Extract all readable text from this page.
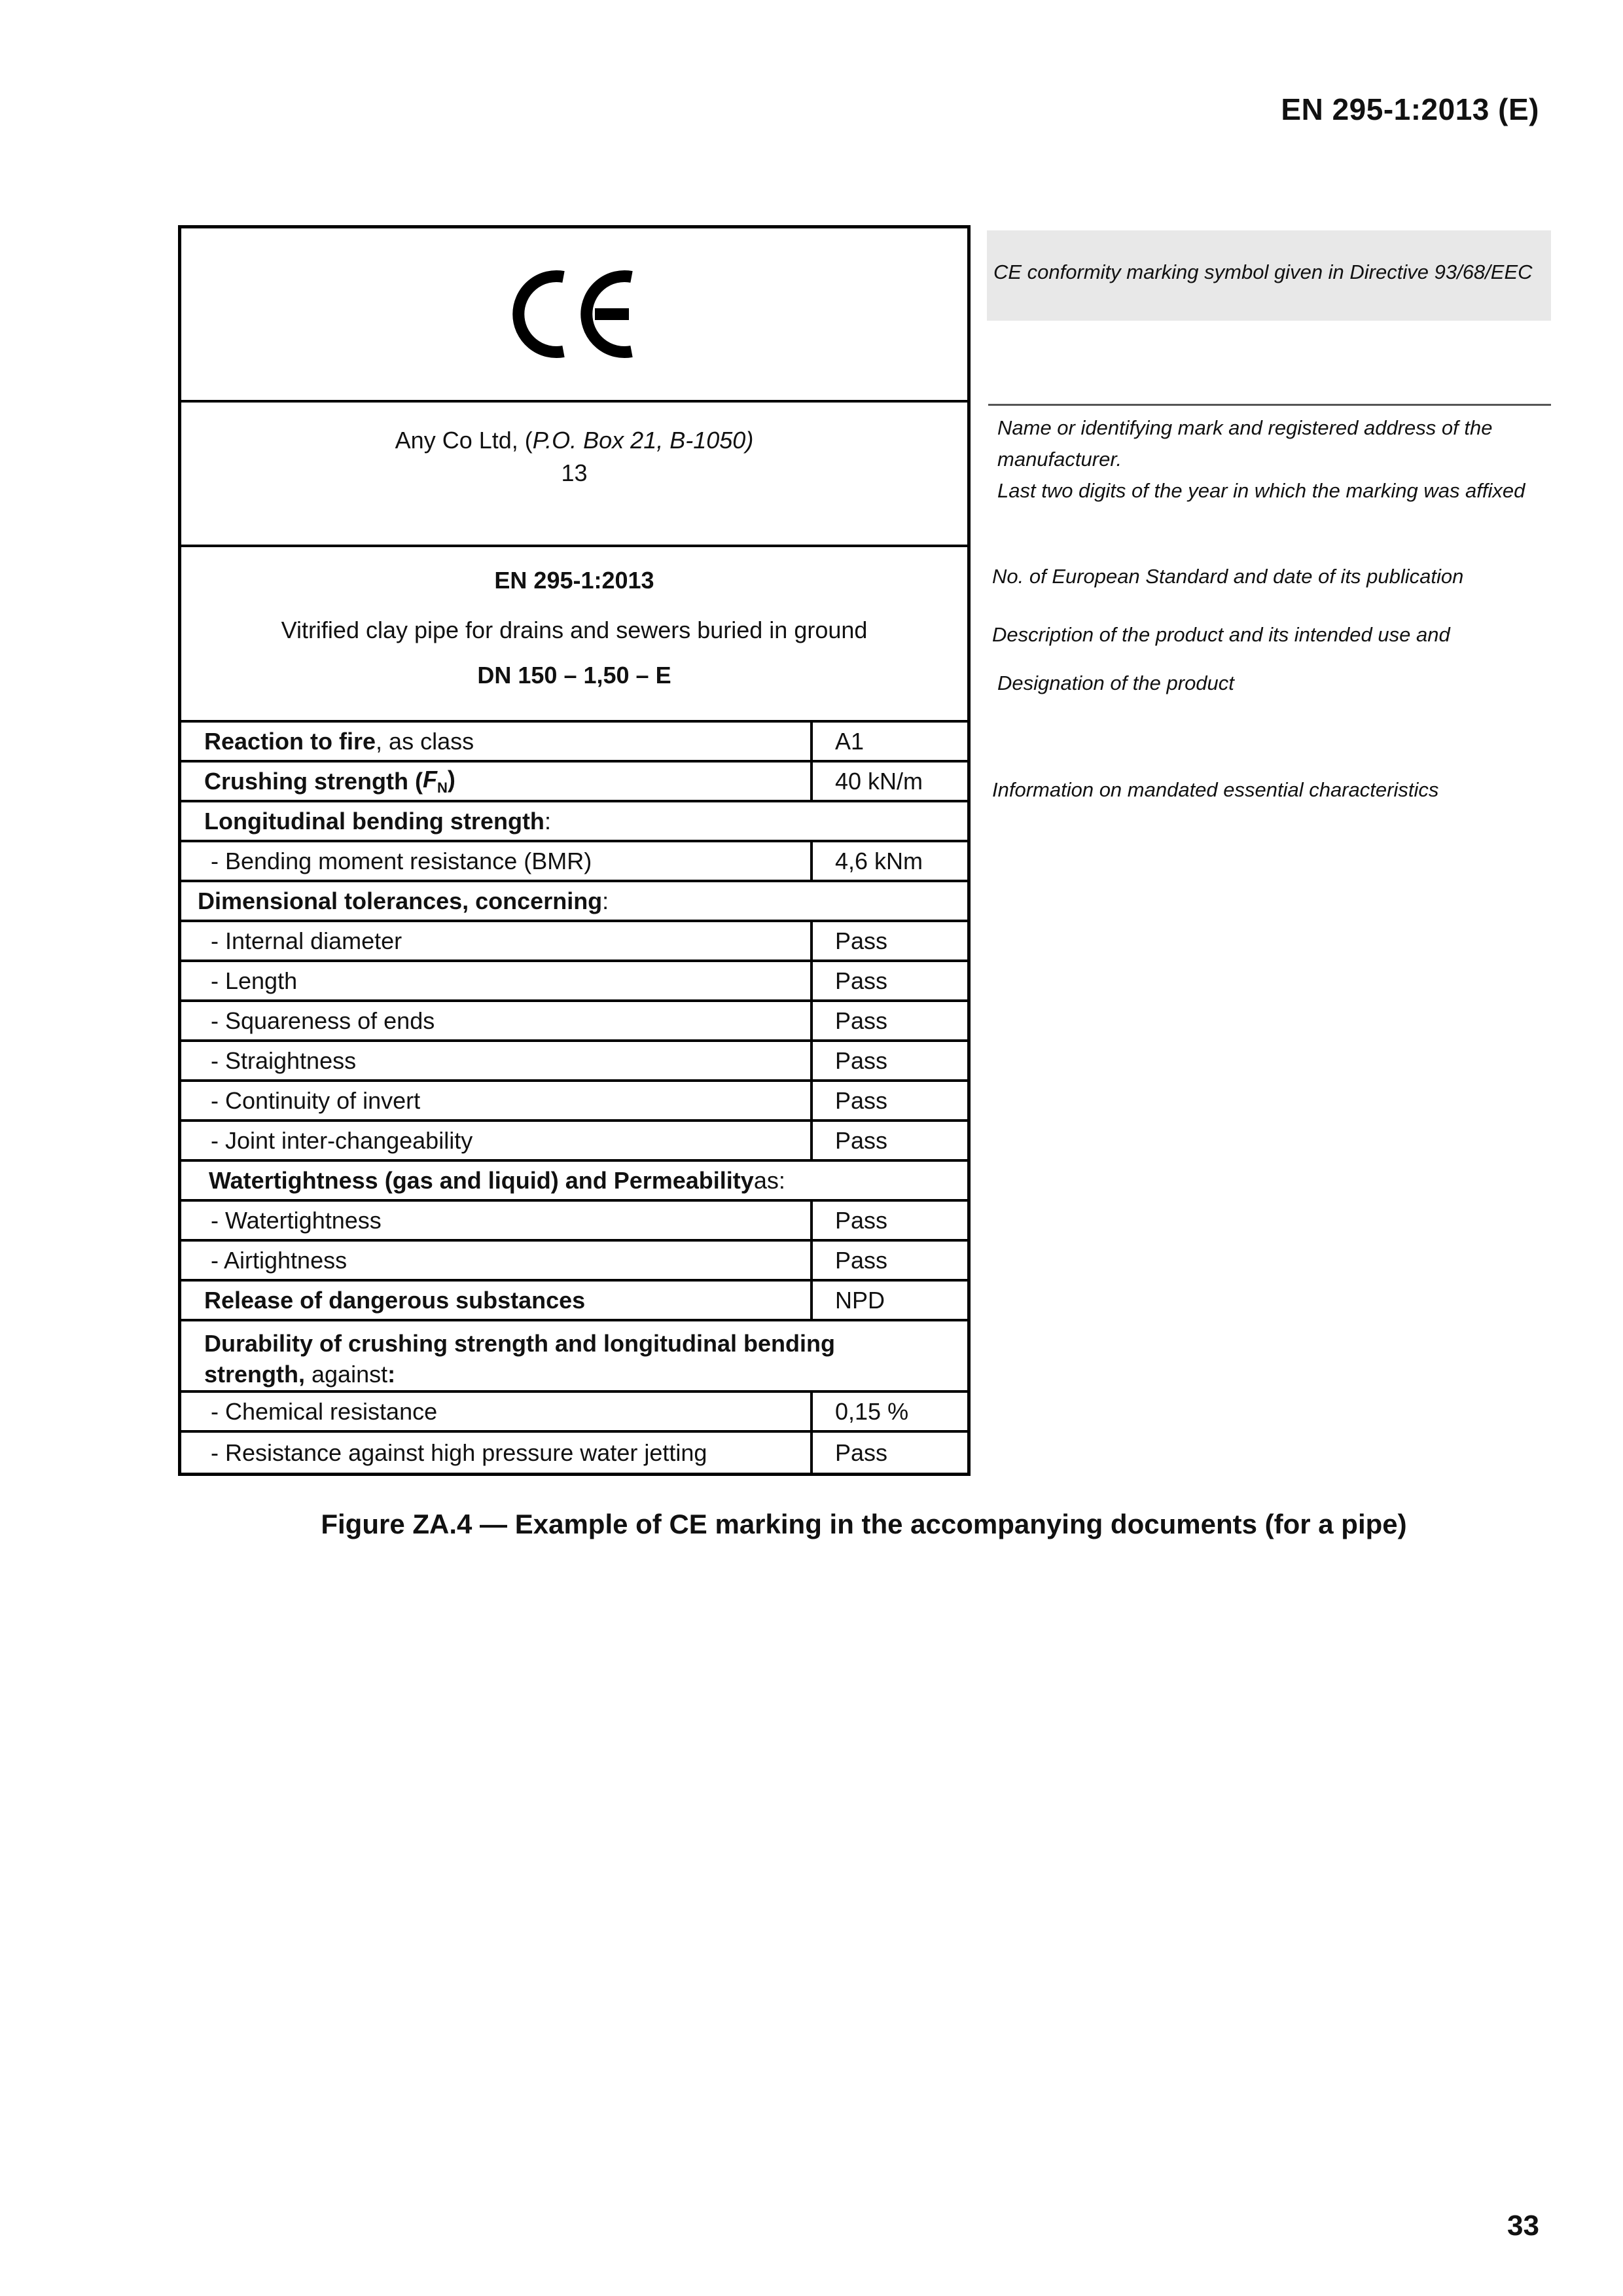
EN 295-1:2013 (E)
Any Co Ltd, (P.O. Box 21, B-1050)
13
EN 295-1:2013
Vitrified clay pipe for drains and sewers buried in ground
DN 150 – 1,50 – E
Reaction to fire , as class	A1
Crushing strength ( $F_N$)	40 kN/m
Longitudinal bending strength :
- Bending moment resistance (BMR)	4,6 kNm
Dimensional tolerances, concerning :
- Internal diameter	Pass
- Length	Pass
- Squareness of ends	Pass
- Straightness	Pass
- Continuity of invert	Pass
- Joint inter-changeability	Pass
Watertightness (gas and liquid) and Permeability as:
- Watertightness	Pass
- Airtightness	Pass
Release of dangerous substances	NPD
Durability of crushing strength and longitudinal bending
strength, against:
- Chemical resistance	0,15 %
- Resistance against high pressure water jetting	Pass
CE conformity marking symbol given in Directive 93/68/EEC
Name or identifying mark and registered address of the manufacturer.
Last two digits of the year in which the marking was affixed
No. of European Standard and date of its publication
Description of the product and its intended use and
Designation of the product
Information on mandated essential characteristics
Figure ZA.4 — Example of CE marking in the accompanying documents (for a pipe)
33
